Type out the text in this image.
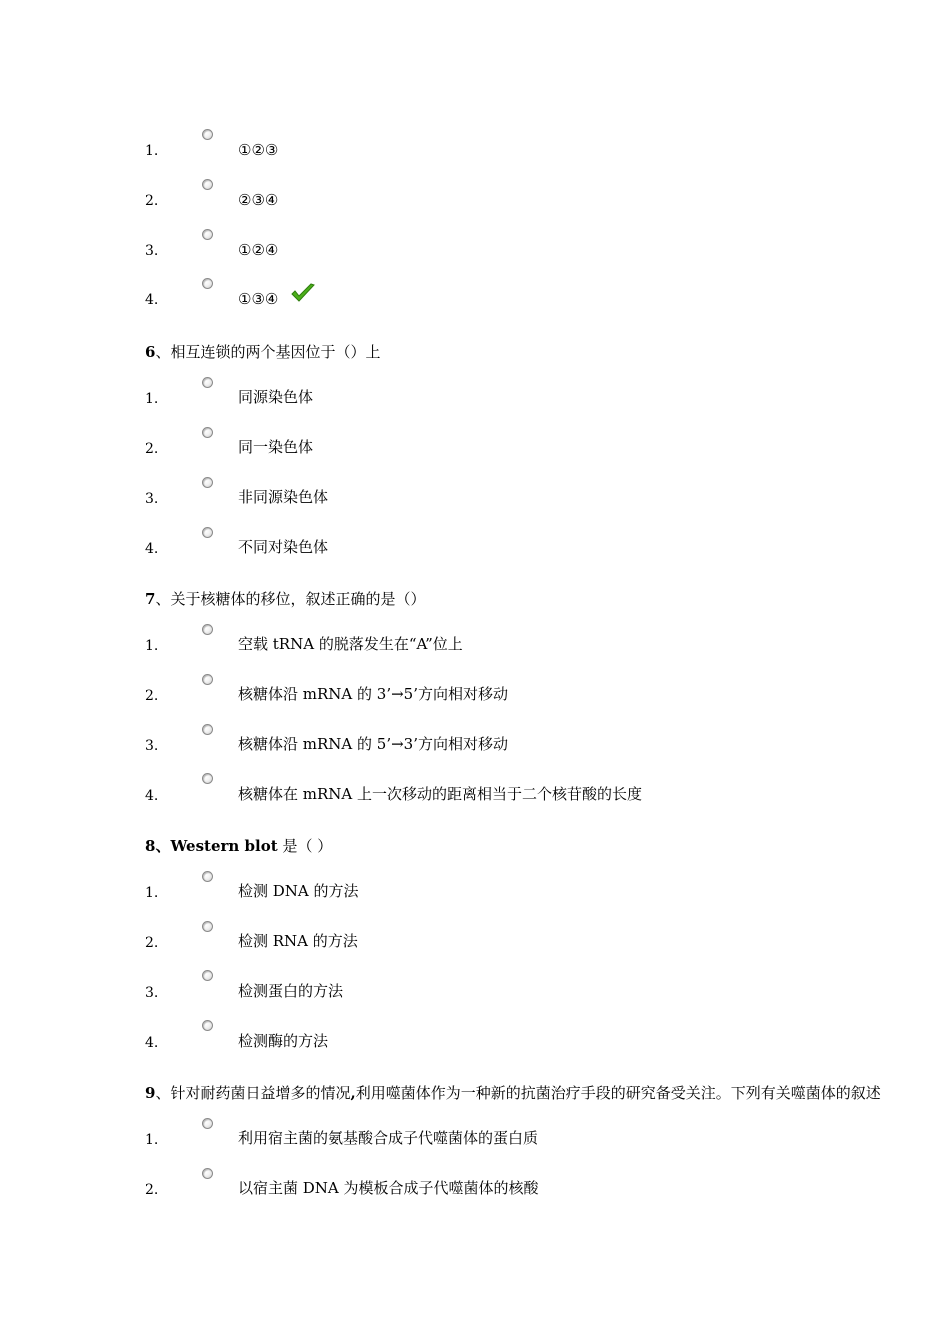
1.	①②③
2.	②③④
3.	①②④
4.	①③④
6、相互连锁的两个基因位于（）上
1.	同源染色体
2.	同一染色体
3.	非同源染色体
4.	不同对染色体
7、关于核糖体的移位，叙述正确的是（）
1.	空载 tRNA 的脱落发生在“A”位上
2.	核糖体沿 mRNA 的 3’→5’方向相对移动
3.	核糖体沿 mRNA 的 5’→3’方向相对移动
4.	核糖体在 mRNA 上一次移动的距离相当于二个核苷酸的长度
8、Western blot 是（ ）
1.	检测 DNA 的方法
2.	检测 RNA 的方法
3.	检测蛋白的方法
4.	检测酶的方法
9、针对耐药菌日益增多的情况,利用噬菌体作为一种新的抗菌治疗手段的研究备受关注。下列有关噬菌体的叙述
1.	利用宿主菌的氨基酸合成子代噬菌体的蛋白质
2.	以宿主菌 DNA 为模板合成子代噬菌体的核酸
